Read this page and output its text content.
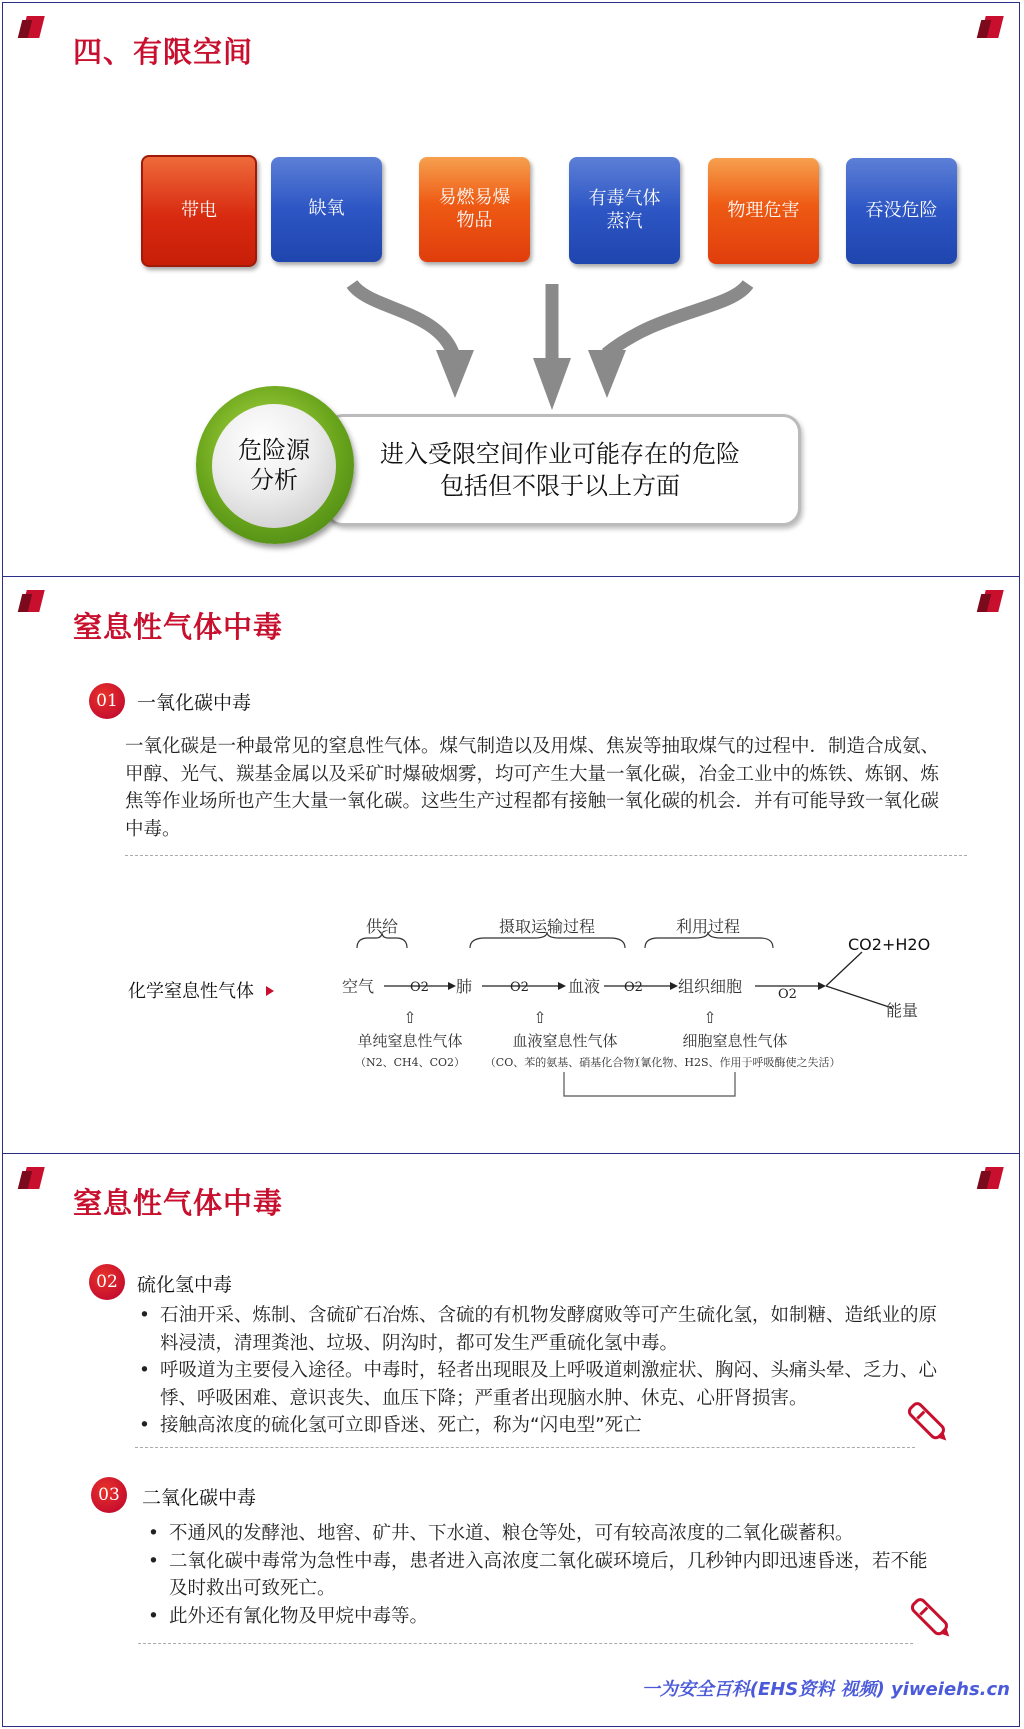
四、有限空间
带电	缺氧
易燃易爆
物品
有毒气体
蒸汽
物理危害	吞没危险
进入受限空间作业可能存在的危险
包括但不限于以上方面
危险源
分析
窒息性气体中毒
01	一氧化碳中毒
一氧化碳是一种最常见的窒息性气体。煤气制造以及用煤、焦炭等抽取煤气的过程中．制造合成氨、甲醇、光气、羰基金属以及采矿时爆破烟雾，均可产生大量一氧化碳，冶金工业中的炼铁、炼钢、炼焦等作业场所也产生大量一氧化碳。这些生产过程都有接触一氧化碳的机会．并有可能导致一氧化碳中毒。
化学窒息性气体
供给	摄取运输过程	利用过程
空气	O2 肺	O2 血液 O2 组织细胞	O2
CO2+H2O
能量
⇧	⇧	⇧
单纯窒息性气体	血液窒息性气体	细胞窒息性气体
（N2、CH4、CO2） （CO、苯的氨基、硝基化合物）
（氰化物、H2S、作用于呼吸酶使之失活）
窒息性气体中毒
02	硫化氢中毒
• 石油开采、炼制、含硫矿石冶炼、含硫的有机物发酵腐败等可产生硫化氢，如制糖、造纸业的原料浸渍，清理粪池、垃圾、阴沟时，都可发生严重硫化氢中毒。
• 呼吸道为主要侵入途径。中毒时，轻者出现眼及上呼吸道刺激症状、胸闷、头痛头晕、乏力、心悸、呼吸困难、意识丧失、血压下降；严重者出现脑水肿、休克、心肝肾损害。
• 接触高浓度的硫化氢可立即昏迷、死亡，称为“闪电型”死亡
03	二氧化碳中毒
• 不通风的发酵池、地窖、矿井、下水道、粮仓等处，可有较高浓度的二氧化碳蓄积。
• 二氧化碳中毒常为急性中毒，患者进入高浓度二氧化碳环境后，几秒钟内即迅速昏迷，若不能及时救出可致死亡。
• 此外还有氰化物及甲烷中毒等。
一为安全百科(EHS资料 视频) yiweiehs.cn
